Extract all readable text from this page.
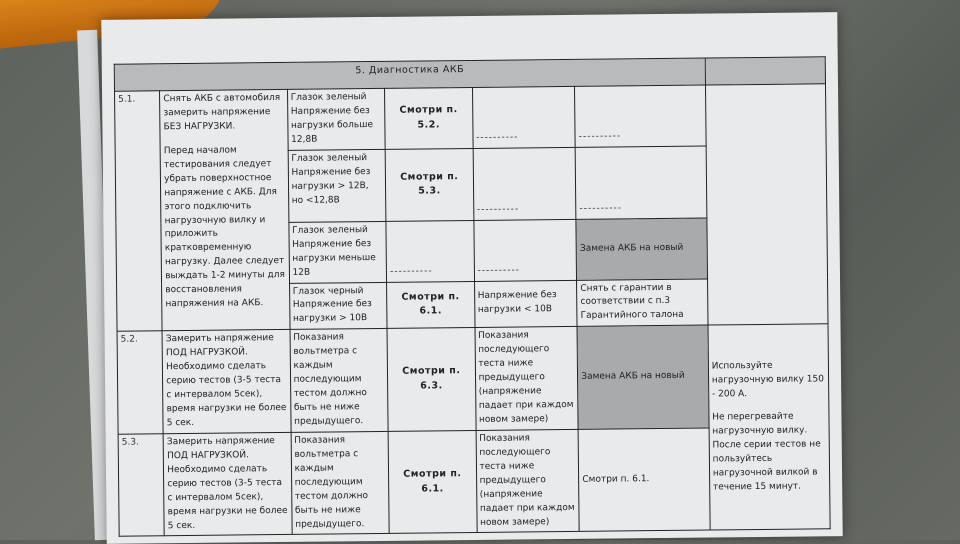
5. Диагностика АКБ						
5.1.	Снять АКБ с автомобиля замерить напряжение БЕЗ НАГРУЗКИ.
Перед началом тестирования следует убрать поверхностное напряжение с АКБ. Для этого подключить нагрузочную вилку и приложить кратковременную нагрузку. Далее следует выждать 1-2 минуты для восстановления напряжения на АКБ.	Глазок зеленый Напряжение без нагрузки больше 12,8В	Смотри п. 5.2.	----------	----------	
		Глазок зеленый Напряжение без нагрузки > 12В, но <12,8В	Смотри п. 5.3.	----------	----------	
		Глазок зеленый Напряжение без нагрузки меньше 12В	----------	----------	Замена АКБ на новый	
		Глазок черный Напряжение без нагрузки > 10В	Смотри п. 6.1.	Напряжение без нагрузки < 10В	Снять с гарантии в соответствии с п.3 Гарантийного талона	
5.2.	Замерить напряжение ПОД НАГРУЗКОЙ. Необходимо сделать серию тестов (3-5 теста с интервалом 5сек), время нагрузки не более 5 сек.	Показания вольтметра с каждым последующим тестом должно быть не ниже предыдущего.	Смотри п. 6.3.	Показания последующего теста ниже предыдущего (напряжение падает при каждом новом замере)	Замена АКБ на новый	Используйте нагрузочную вилку 150 - 200 А.
Не перегревайте нагрузочную вилку. После серии тестов не пользуйтесь нагрузочной вилкой в течение 15 минут.
5.3.	Замерить напряжение ПОД НАГРУЗКОЙ. Необходимо сделать серию тестов (3-5 теста с интервалом 5сек), время нагрузки не более 5 сек.	Показания вольтметра с каждым последующим тестом должно быть не ниже предыдущего.	Смотри п. 6.1.	Показания последующего теста ниже предыдущего (напряжение падает при каждом новом замере)	Смотри п. 6.1.	
